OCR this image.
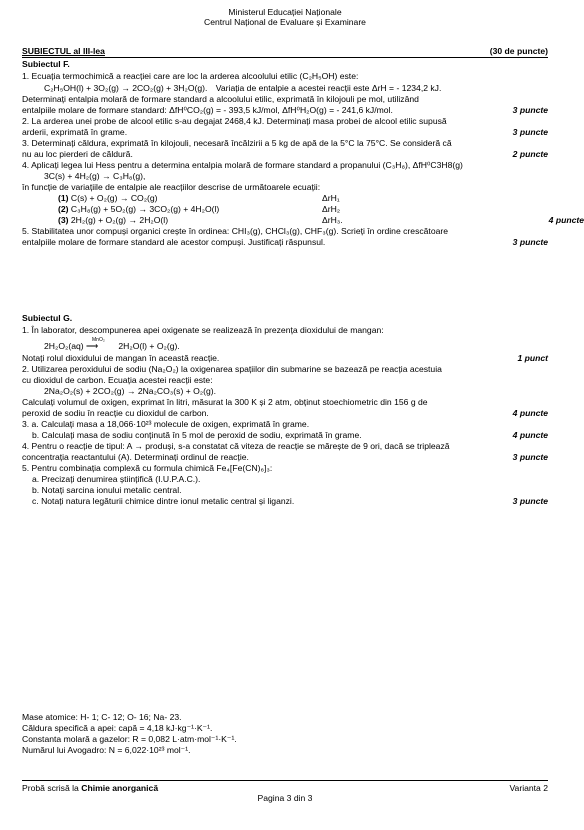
Ministerul Educației Naționale
Centrul Național de Evaluare și Examinare
SUBIECTUL al III-lea	(30 de puncte)
Subiectul F.
1. Ecuația termochimică a reacției care are loc la arderea alcoolului etilic (C₂H₅OH) este:
C₂H₅OH(l) + 3O₂(g) → 2CO₂(g) + 3H₂O(g). Variația de entalpie a acestei reacții este ΔrH = - 1234,2 kJ.
Determinați entalpia molară de formare standard a alcoolului etilic, exprimată în kilojouli pe mol, utilizând
entalpiile molare de formare standard: ΔfH⁰CO₂(g) = - 393,5 kJ/mol, ΔfH⁰H₂O(g) = - 241,6 kJ/mol.	3 puncte
2. La arderea unei probe de alcool etilic s-au degajat 2468,4 kJ. Determinați masa probei de alcool etilic supusă
arderii, exprimată în grame.	3 puncte
3. Determinați căldura, exprimată în kilojouli, necesară încălzirii a 5 kg de apă de la 5°C la 75°C. Se consideră că
nu au loc pierderi de căldură.	2 puncte
4. Aplicați legea lui Hess pentru a determina entalpia molară de formare standard a propanului (C₃H₈), ΔfH⁰C3H8(g)
3C(s) + 4H₂(g) → C₃H₈(g),
în funcție de variațiile de entalpie ale reacțiilor descrise de următoarele ecuații:
(1) C(s) + O₂(g) → CO₂(g)	ΔrH₁
(2) C₃H₈(g) + 5O₂(g) → 3CO₂(g) + 4H₂O(l)	ΔrH₂
(3) 2H₂(g) + O₂(g) → 2H₂O(l)	ΔrH₃.	4 puncte
5. Stabilitatea unor compuși organici crește în ordinea: CHI₃(g), CHCl₃(g), CHF₃(g). Scrieți în ordine crescătoare
entalpiile molare de formare standard ale acestor compuși. Justificați răspunsul.	3 puncte
Subiectul G.
1. În laborator, descompunerea apei oxigenate se realizează în prezența dioxidului de mangan:
2H₂O₂(aq)
MnO₂
⟶ 2H₂O(l) + O₂(g).
Notați rolul dioxidului de mangan în această reacție.	1 punct
2. Utilizarea peroxidului de sodiu (Na₂O₂) la oxigenarea spațiilor din submarine se bazează pe reacția acestuia
cu dioxidul de carbon. Ecuația acestei reacții este:
2Na₂O₂(s) + 2CO₂(g) → 2Na₂CO₃(s) + O₂(g).
Calculați volumul de oxigen, exprimat în litri, măsurat la 300 K și 2 atm, obținut stoechiometric din 156 g de
peroxid de sodiu în reacție cu dioxidul de carbon.	4 puncte
3. a. Calculați masa a 18,066·10²³ molecule de oxigen, exprimată în grame.
b. Calculați masa de sodiu conținută în 5 mol de peroxid de sodiu, exprimată în grame.	4 puncte
4. Pentru o reacție de tipul: A → produși, s-a constatat că viteza de reacție se mărește de 9 ori, dacă se triplează
concentrația reactantului (A). Determinați ordinul de reacție.	3 puncte
5. Pentru combinația complexă cu formula chimică Fe₄[Fe(CN)₆]₃:
a. Precizați denumirea științifică (I.U.P.A.C.).
b. Notați sarcina ionului metalic central.
c. Notați natura legăturii chimice dintre ionul metalic central și liganzi.	3 puncte
Mase atomice: H- 1; C- 12; O- 16; Na- 23.
Căldura specifică a apei: capă = 4,18 kJ·kg⁻¹·K⁻¹.
Constanta molară a gazelor: R = 0,082 L·atm·mol⁻¹·K⁻¹.
Numărul lui Avogadro: N = 6,022·10²³ mol⁻¹.
Probă scrisă la Chimie anorganică	Varianta 2
Pagina 3 din 3
